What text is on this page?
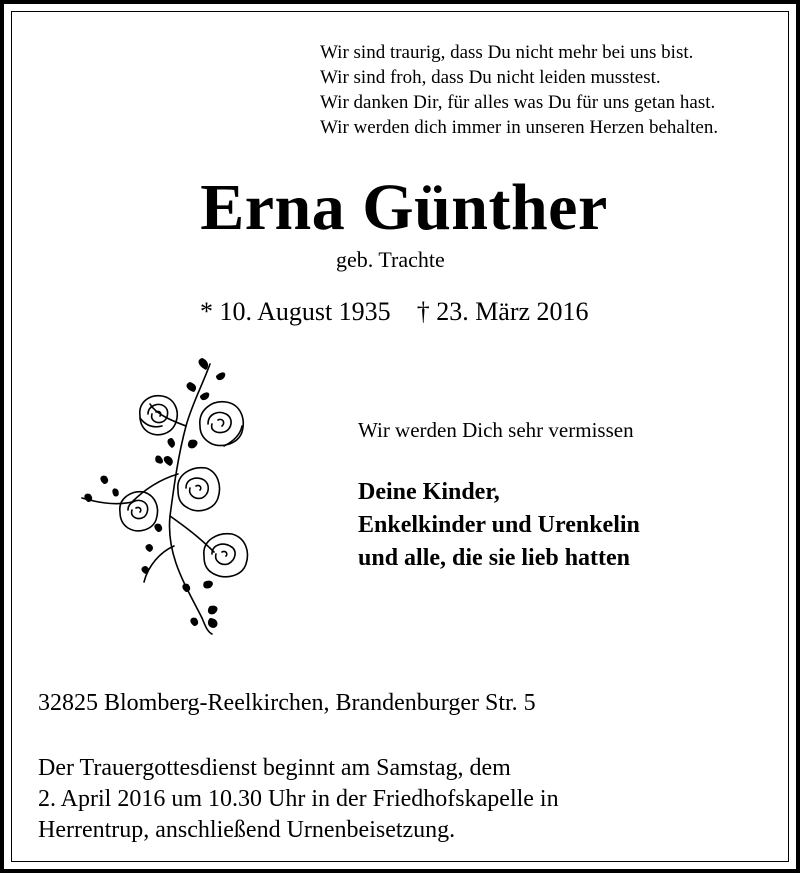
Wir sind traurig, dass Du nicht mehr bei uns bist.
Wir sind froh, dass Du nicht leiden musstest.
Wir danken Dir, für alles was Du für uns getan hast.
Wir werden dich immer in unseren Herzen behalten.
Erna Günther
geb. Trachte
* 10. August 1935 † 23. März 2016
Wir werden Dich sehr vermissen
Deine Kinder,
Enkelkinder und Urenkelin
und alle, die sie lieb hatten
32825 Blomberg-Reelkirchen, Brandenburger Str. 5
Der Trauergottesdienst beginnt am Samstag, dem
2. April 2016 um 10.30 Uhr in der Friedhofskapelle in
Herrentrup, anschließend Urnenbeisetzung.
